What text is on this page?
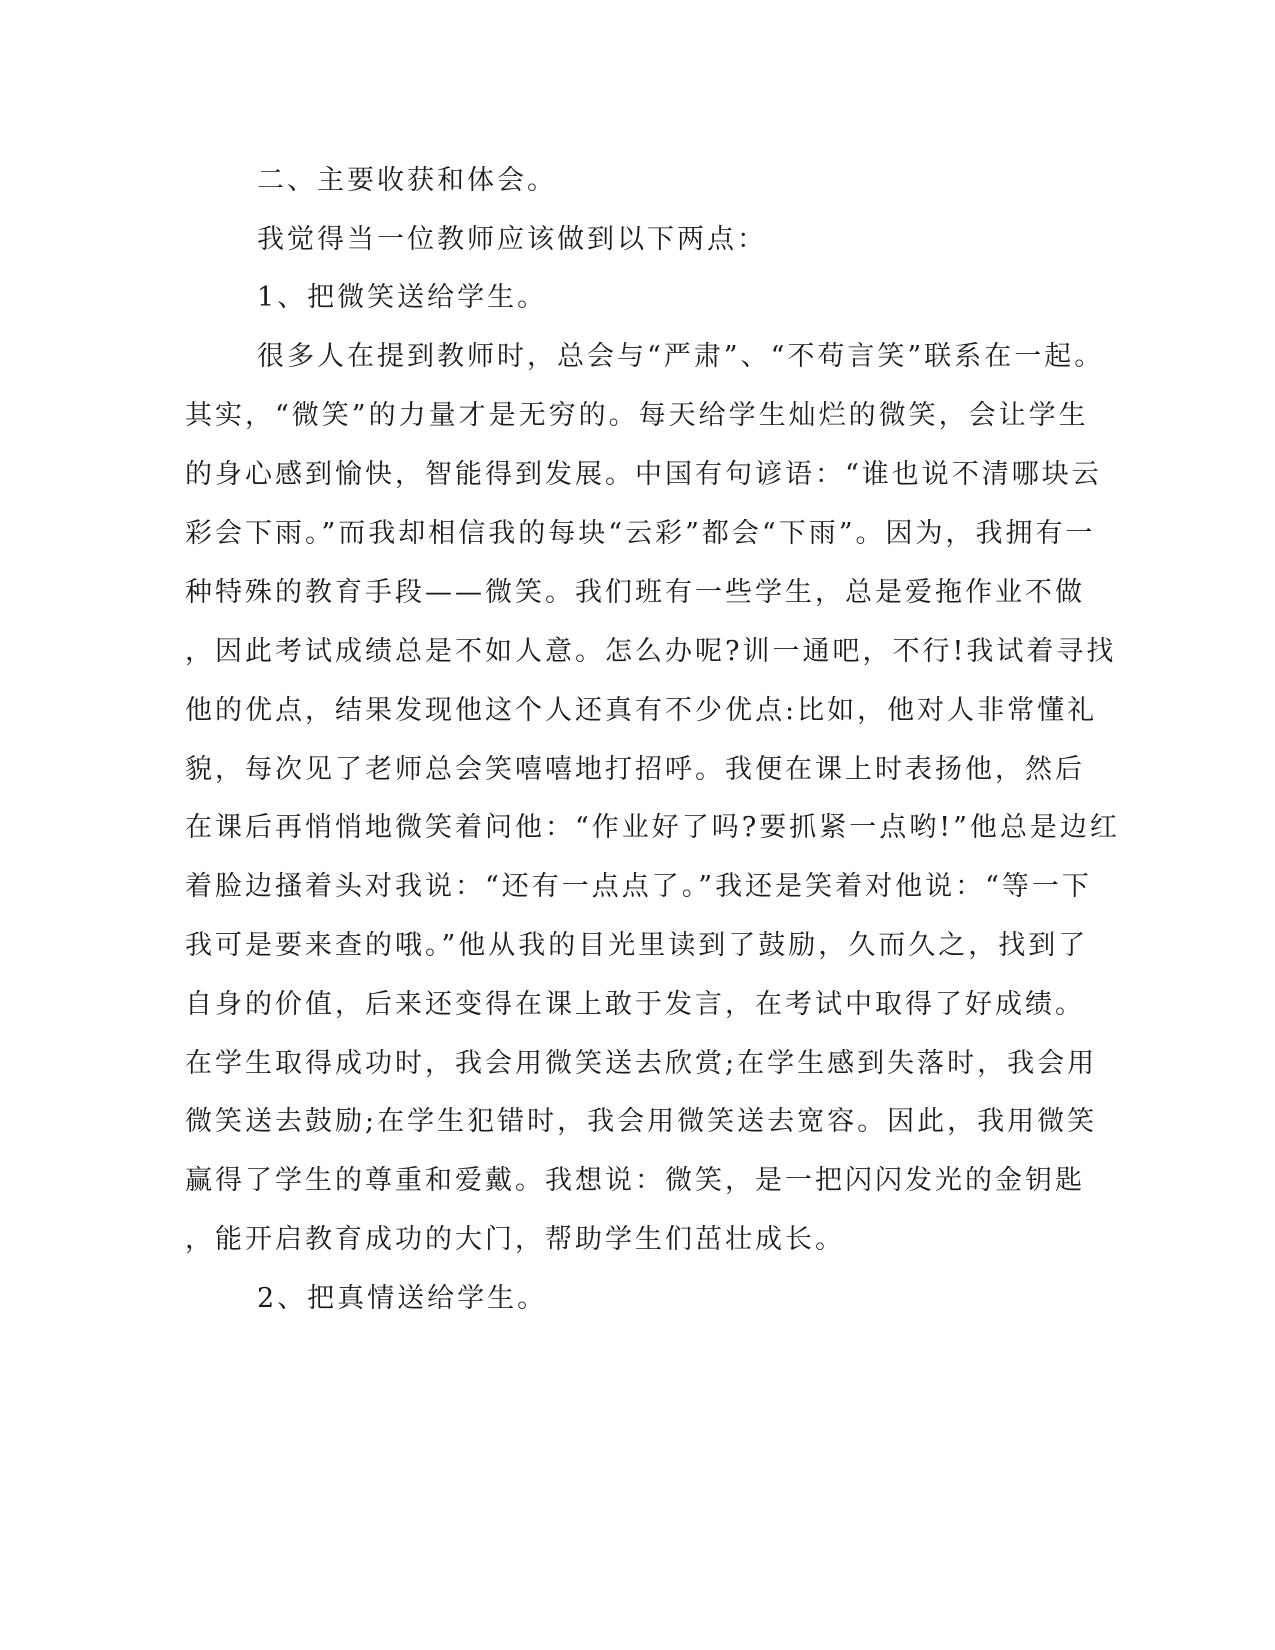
二、主要收获和体会。
我觉得当一位教师应该做到以下两点：
1、把微笑送给学生。
很多人在提到教师时，总会与“严肃”、“不苟言笑”联系在一起。
其实，“微笑”的力量才是无穷的。每天给学生灿烂的微笑，会让学生
的身心感到愉快，智能得到发展。中国有句谚语：“谁也说不清哪块云
彩会下雨。”而我却相信我的每块“云彩”都会“下雨”。因为，我拥有一
种特殊的教育手段——微笑。我们班有一些学生，总是爱拖作业不做
，因此考试成绩总是不如人意。怎么办呢?训一通吧，不行!我试着寻找
他的优点，结果发现他这个人还真有不少优点:比如，他对人非常懂礼
貌，每次见了老师总会笑嘻嘻地打招呼。我便在课上时表扬他，然后
在课后再悄悄地微笑着问他：“作业好了吗?要抓紧一点哟!”他总是边红
着脸边搔着头对我说：“还有一点点了。”我还是笑着对他说：“等一下
我可是要来查的哦。”他从我的目光里读到了鼓励，久而久之，找到了
自身的价值，后来还变得在课上敢于发言，在考试中取得了好成绩。
在学生取得成功时，我会用微笑送去欣赏;在学生感到失落时，我会用
微笑送去鼓励;在学生犯错时，我会用微笑送去宽容。因此，我用微笑
赢得了学生的尊重和爱戴。我想说：微笑，是一把闪闪发光的金钥匙
，能开启教育成功的大门，帮助学生们茁壮成长。
2、把真情送给学生。
